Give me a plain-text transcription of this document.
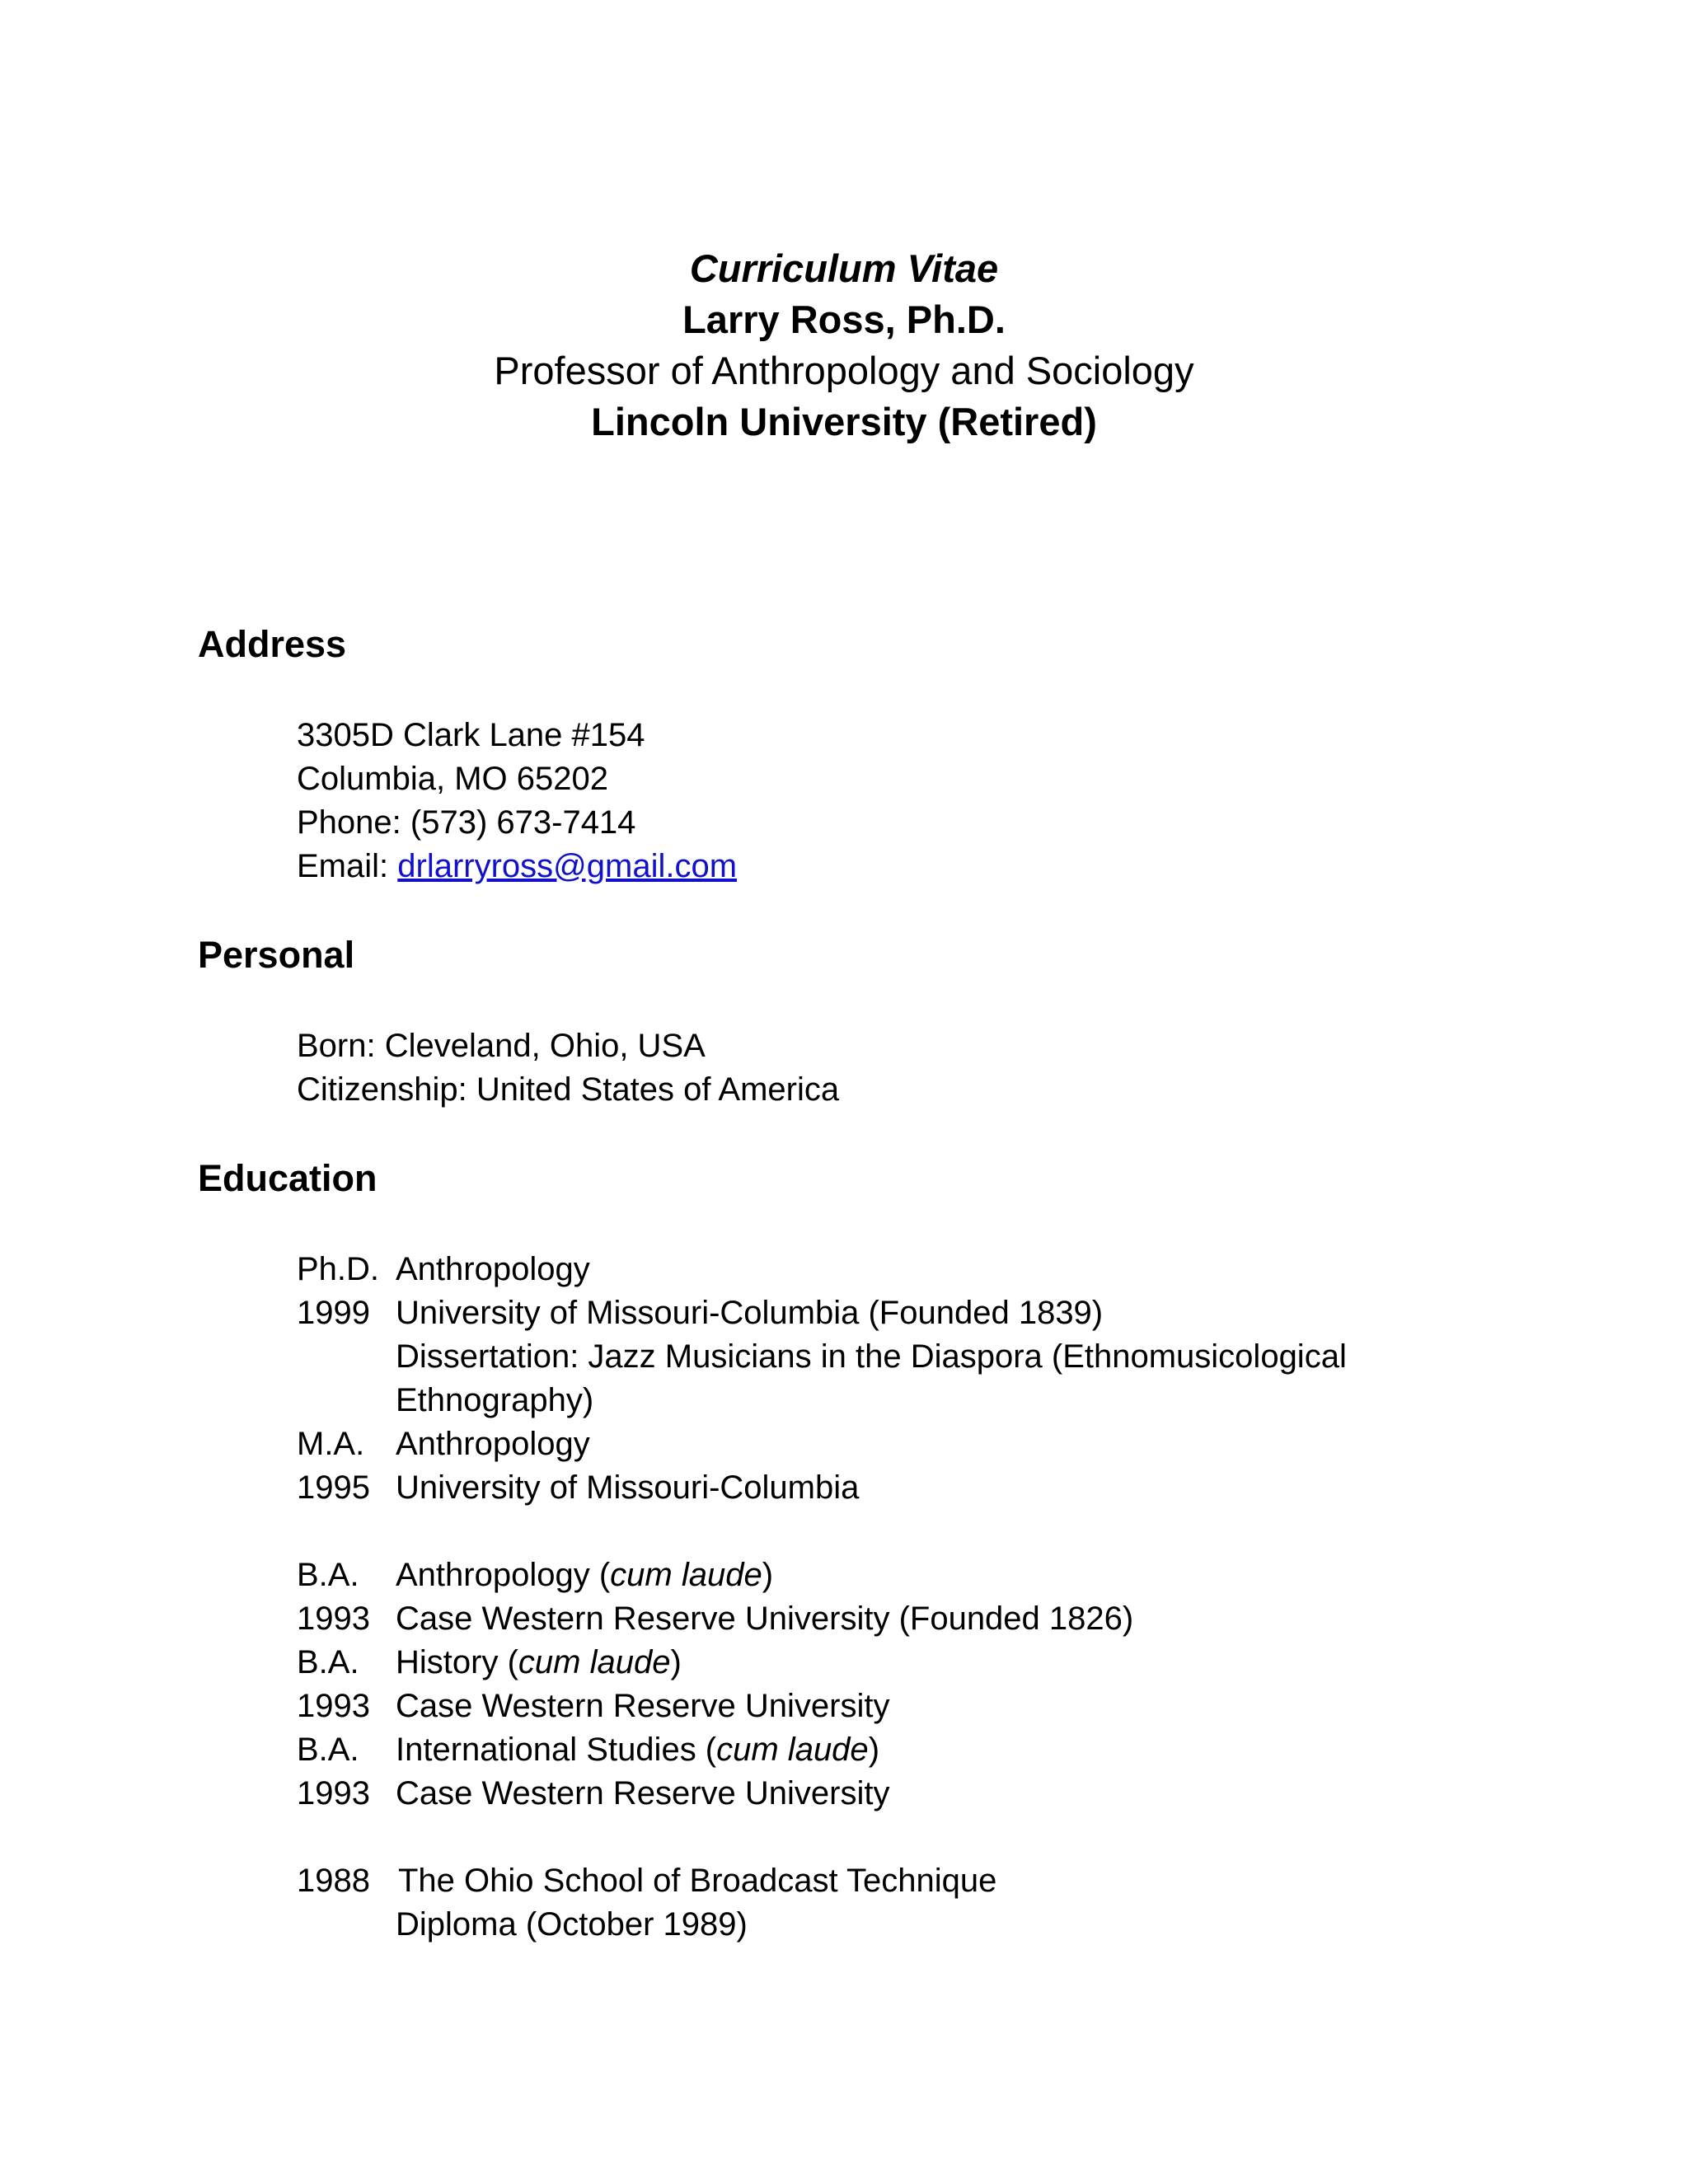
Curriculum Vitae
Larry Ross, Ph.D.
Professor of Anthropology and Sociology
Lincoln University (Retired)
Address
3305D Clark Lane #154
Columbia, MO 65202
Phone: (573) 673-7414
Email: drlarryross@gmail.com
Personal
Born: Cleveland, Ohio, USA
Citizenship: United States of America
Education
Ph.D. Anthropology
1999 University of Missouri-Columbia (Founded 1839)
Dissertation: Jazz Musicians in the Diaspora (Ethnomusicological
Ethnography)
M.A. Anthropology
1995 University of Missouri-Columbia
B.A. Anthropology (cum laude)
1993 Case Western Reserve University (Founded 1826)
B.A. History (cum laude)
1993 Case Western Reserve University
B.A. International Studies (cum laude)
1993 Case Western Reserve University
1988 The Ohio School of Broadcast Technique
Diploma (October 1989)
